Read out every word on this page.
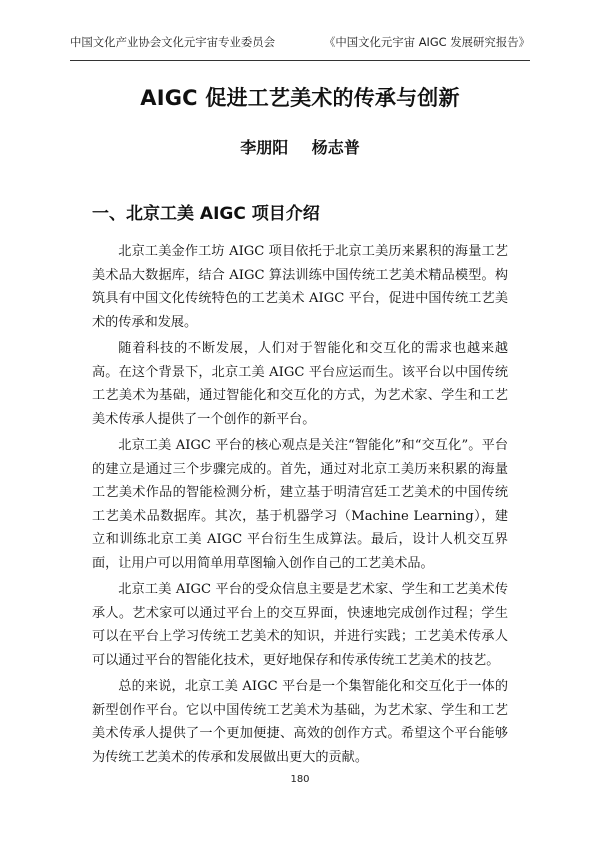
中国文化产业协会文化元宇宙专业委员会	《中国文化元宇宙 AIGC 发展研究报告》
AIGC 促进工艺美术的传承与创新
李朋阳 杨志普
一、北京工美 AIGC 项目介绍

北京工美金作工坊 AIGC 项目依托于北京工美历来累积的海量工艺美术品大数据库，结合 AIGC 算法训练中国传统工艺美术精品模型。构筑具有中国文化传统特色的工艺美术 AIGC 平台，促进中国传统工艺美术的传承和发展。

随着科技的不断发展，人们对于智能化和交互化的需求也越来越高。在这个背景下，北京工美 AIGC 平台应运而生。该平台以中国传统工艺美术为基础，通过智能化和交互化的方式，为艺术家、学生和工艺美术传承人提供了一个创作的新平台。

北京工美 AIGC 平台的核心观点是关注“智能化”和“交互化”。平台的建立是通过三个步骤完成的。首先，通过对北京工美历来积累的海量工艺美术作品的智能检测分析，建立基于明清宫廷工艺美术的中国传统工艺美术品数据库。其次，基于机器学习（Machine Learning），建立和训练北京工美 AIGC 平台衍生生成算法。最后，设计人机交互界面，让用户可以用简单用草图输入创作自己的工艺美术品。

北京工美 AIGC 平台的受众信息主要是艺术家、学生和工艺美术传承人。艺术家可以通过平台上的交互界面，快速地完成创作过程；学生可以在平台上学习传统工艺美术的知识，并进行实践；工艺美术传承人可以通过平台的智能化技术，更好地保存和传承传统工艺美术的技艺。

总的来说，北京工美 AIGC 平台是一个集智能化和交互化于一体的新型创作平台。它以中国传统工艺美术为基础，为艺术家、学生和工艺美术传承人提供了一个更加便捷、高效的创作方式。希望这个平台能够为传统工艺美术的传承和发展做出更大的贡献。

180
